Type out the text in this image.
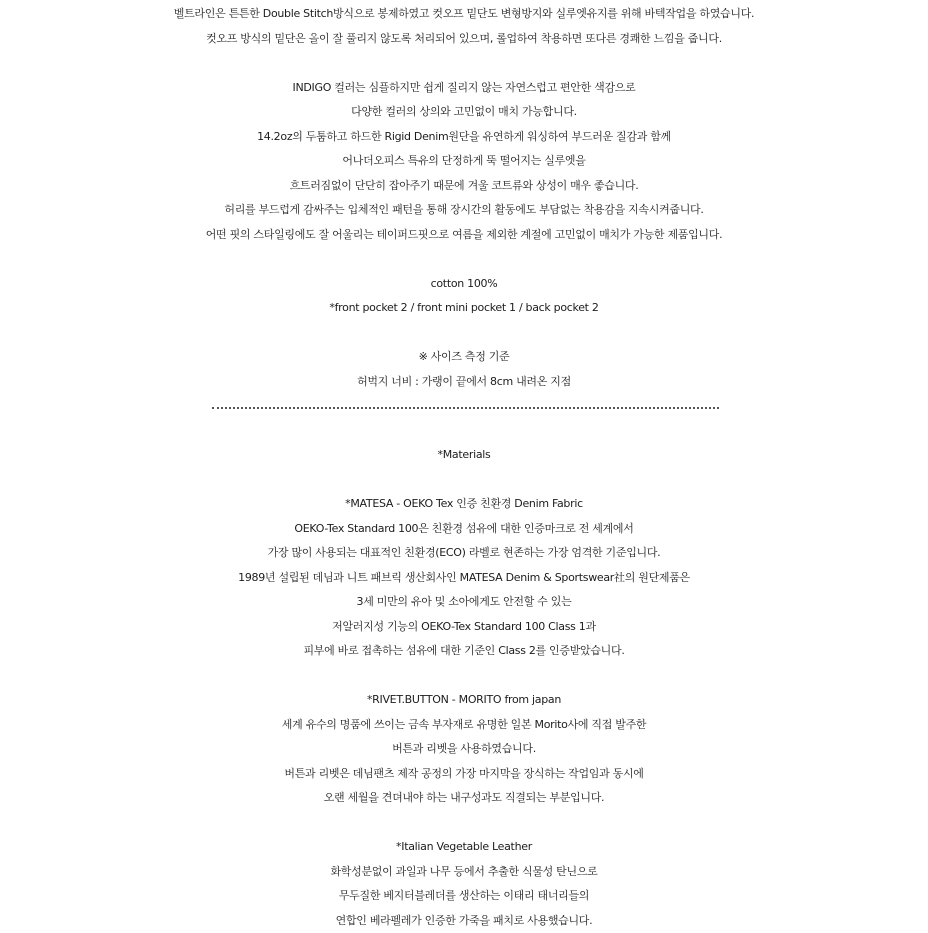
벨트라인은 튼튼한 Double Stitch방식으로 봉제하였고 컷오프 밑단도 변형방지와 실루엣유지를 위해 바텍작업을 하였습니다.
컷오프 방식의 밑단은 올이 잘 풀리지 않도록 처리되어 있으며, 롤업하여 착용하면 또다른 경쾌한 느낌을 줍니다.
INDIGO 컬러는 심플하지만 쉽게 질리지 않는 자연스럽고 편안한 색감으로
다양한 컬러의 상의와 고민없이 매치 가능합니다.
14.2oz의 두툼하고 하드한 Rigid Denim원단을 유연하게 워싱하여 부드러운 질감과 함께
어나더오피스 특유의 단정하게 뚝 떨어지는 실루엣을
흐트러짐없이 단단히 잡아주기 때문에 겨울 코트류와 상성이 매우 좋습니다.
허리를 부드럽게 감싸주는 입체적인 패턴을 통해 장시간의 활동에도 부담없는 착용감을 지속시켜줍니다.
어떤 핏의 스타일링에도 잘 어울리는 테이퍼드핏으로 여름을 제외한 계절에 고민없이 매치가 가능한 제품입니다.
cotton 100%
*front pocket 2 / front mini pocket 1 / back pocket 2
※ 사이즈 측정 기준
허벅지 너비 : 가랭이 끝에서 8cm 내려온 지점
*Materials
*MATESA - OEKO Tex 인증 친환경 Denim Fabric
OEKO-Tex Standard 100은 친환경 섬유에 대한 인증마크로 전 세계에서
가장 많이 사용되는 대표적인 친환경(ECO) 라벨로 현존하는 가장 엄격한 기준입니다.
1989년 설립된 데님과 니트 패브릭 생산회사인 MATESA Denim & Sportswear社의 원단제품은
3세 미만의 유아 및 소아에게도 안전할 수 있는
저알러지성 기능의 OEKO-Tex Standard 100 Class 1과
피부에 바로 접촉하는 섬유에 대한 기준인 Class 2를 인증받았습니다.
*RIVET.BUTTON - MORITO from japan
세계 유수의 명품에 쓰이는 금속 부자재로 유명한 일본 Morito사에 직접 발주한
버튼과 리벳을 사용하였습니다.
버튼과 리벳은 데님팬츠 제작 공정의 가장 마지막을 장식하는 작업임과 동시에
오랜 세월을 견뎌내야 하는 내구성과도 직결되는 부분입니다.
*Italian Vegetable Leather
화학성분없이 과일과 나무 등에서 추출한 식물성 탄닌으로
무두질한 베지터블레더를 생산하는 이태리 태너리들의
연합인 베라펠레가 인증한 가죽을 패치로 사용했습니다.
